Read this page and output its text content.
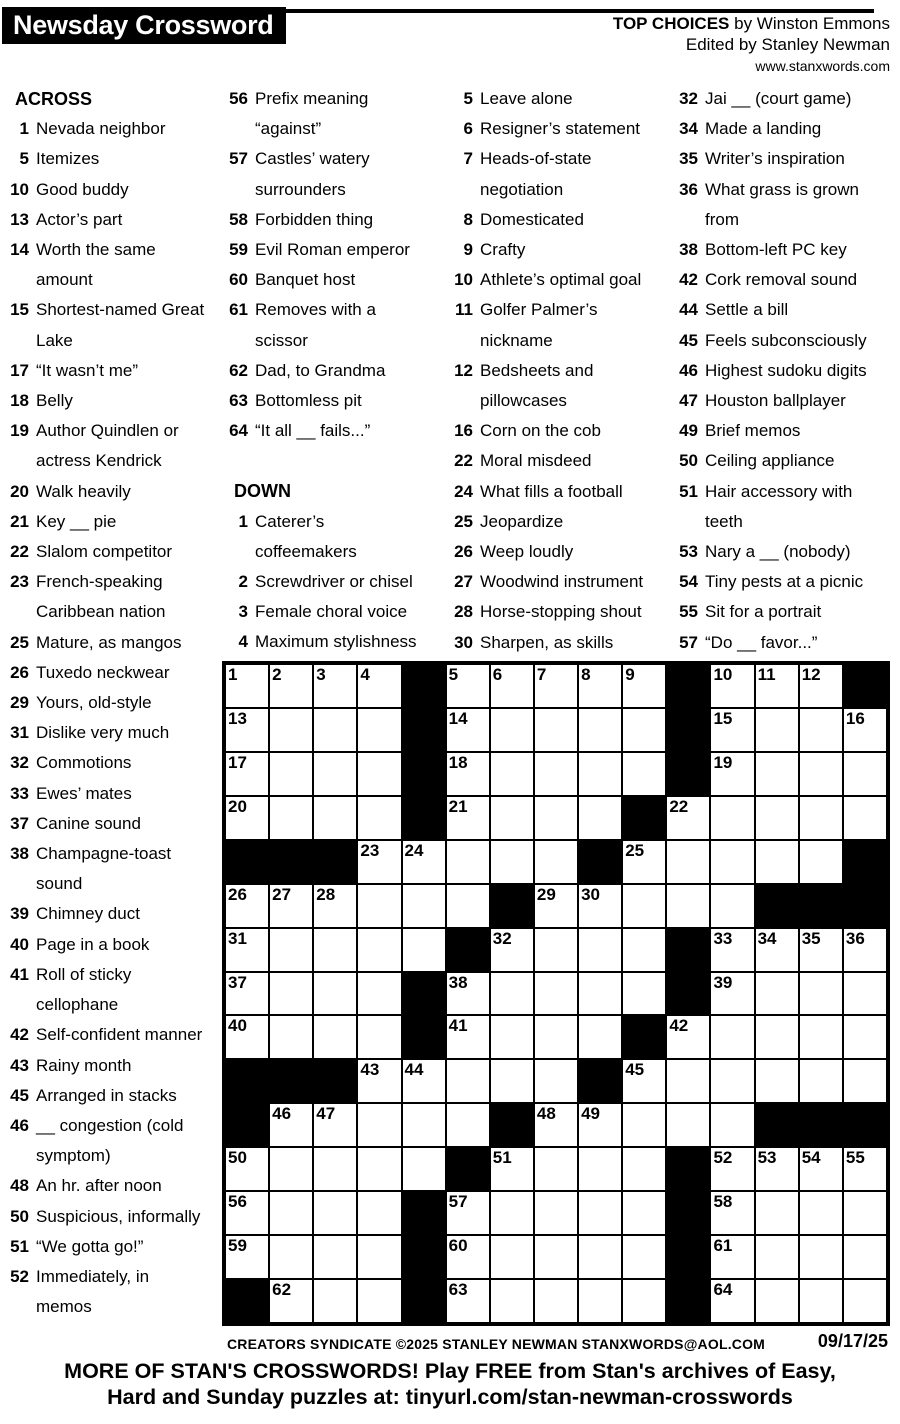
Newsday Crossword	TOP CHOICES by Winston Emmons
Edited by Stanley Newman
www.stanxwords.com
ACROSS
1 Nevada neighbor
5 Itemizes
10 Good buddy
13 Actor’s part
14 Worth the same amount
15 Shortest-named Great Lake
17 “It wasn’t me”
18 Belly
19 Author Quindlen or actress Kendrick
20 Walk heavily
21 Key __ pie
22 Slalom competitor
23 French-speaking Caribbean nation
25 Mature, as mangos
26 Tuxedo neckwear
29 Yours, old-style
31 Dislike very much
32 Commotions
33 Ewes’ mates
37 Canine sound
38 Champagne-toast sound
39 Chimney duct
40 Page in a book
41 Roll of sticky cellophane
42 Self-confident manner
43 Rainy month
45 Arranged in stacks
46 __ congestion (cold symptom)
48 An hr. after noon
50 Suspicious, informally
51 “We gotta go!”
52 Immediately, in memos
56 Prefix meaning “against”
57 Castles’ watery surrounders
58 Forbidden thing
59 Evil Roman emperor
60 Banquet host
61 Removes with a scissor
62 Dad, to Grandma
63 Bottomless pit
64 “It all __ fails...”
DOWN
1 Caterer’s coffeemakers
2 Screwdriver or chisel
3 Female choral voice
4 Maximum stylishness
5 Leave alone
6 Resigner’s statement
7 Heads-of-state negotiation
8 Domesticated
9 Crafty
10 Athlete’s optimal goal
11 Golfer Palmer’s nickname
12 Bedsheets and pillowcases
16 Corn on the cob
22 Moral misdeed
24 What fills a football
25 Jeopardize
26 Weep loudly
27 Woodwind instrument
28 Horse-stopping shout
30 Sharpen, as skills
32 Jai __ (court game)
34 Made a landing
35 Writer’s inspiration
36 What grass is grown from
38 Bottom-left PC key
42 Cork removal sound
44 Settle a bill
45 Feels subconsciously
46 Highest sudoku digits
47 Houston ballplayer
49 Brief memos
50 Ceiling appliance
51 Hair accessory with teeth
53 Nary a __ (nobody)
54 Tiny pests at a picnic
55 Sit for a portrait
57 “Do __ favor...”
1 2 3 4	5 6 7 8 9	10 11 12
13	14	15	16
17	18	19
20	21	22
23 24	25
26 27 28	29 30
31	32	33 34 35 36
37	38	39
40	41	42
43 44	45
46 47	48 49
50	51	52 53 54 55
56	57	58
59	60	61
62	63	64
CREATORS SYNDICATE ©2025 STANLEY NEWMAN STANXWORDS@AOL.COM	09/17/25
MORE OF STAN'S CROSSWORDS! Play FREE from Stan's archives of Easy,
Hard and Sunday puzzles at: tinyurl.com/stan-newman-crosswords
